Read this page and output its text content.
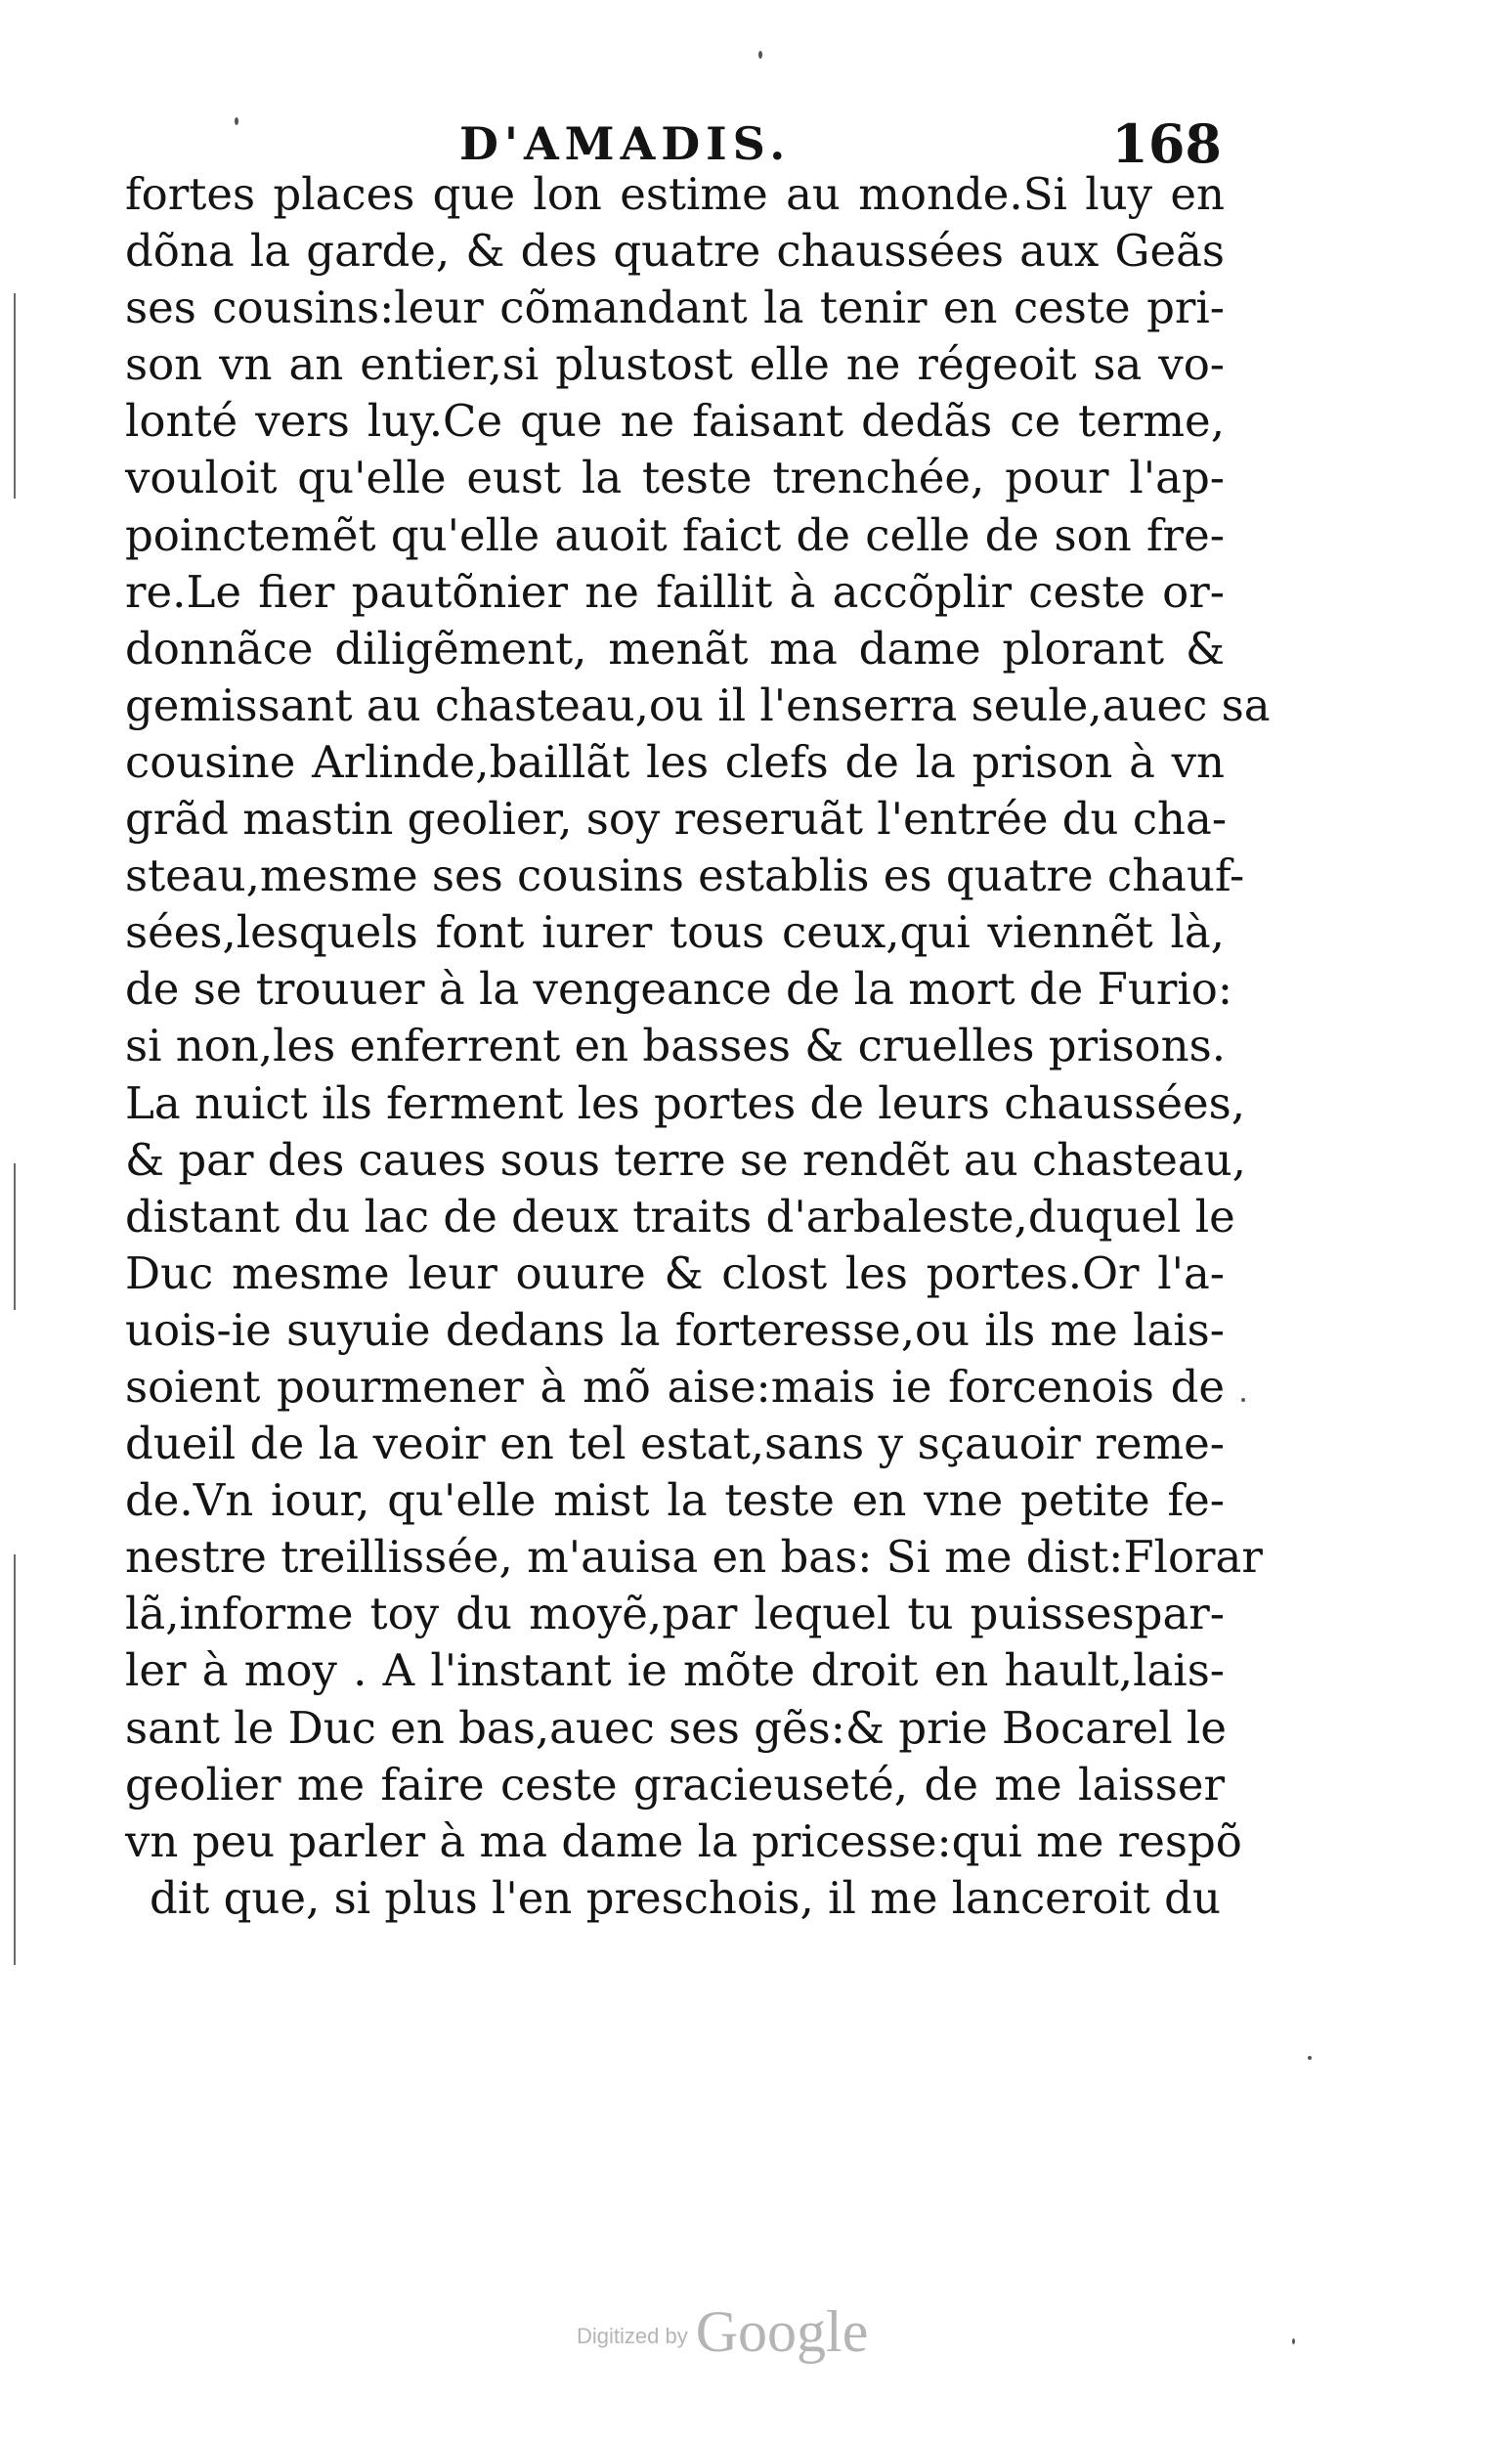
D'AMADIS.	168
fortes places que lon estime au monde.Si luy en
dõna la garde, & des quatre chaussées aux Geãs
ses cousins:leur cõmandant la tenir en ceste pri-
son vn an entier,si plustost elle ne régeoit sa vo-
lonté vers luy.Ce que ne faisant dedãs ce terme,
vouloit qu'elle eust la teste trenchée, pour l'ap-
poinctemẽt qu'elle auoit faict de celle de son fre-
re.Le fier pautõnier ne faillit à accõplir ceste or-
donnãce diligẽment, menãt ma dame plorant &
gemissant au chasteau,ou il l'enserra seule,auec sa
cousine Arlinde,baillãt les clefs de la prison à vn
grãd mastin geolier, soy reseruãt l'entrée du cha-
steau,mesme ses cousins establis es quatre chauf-
sées,lesquels font iurer tous ceux,qui viennẽt là,
de se trouuer à la vengeance de la mort de Furio:
si non,les enferrent en basses & cruelles prisons.
La nuict ils ferment les portes de leurs chaussées,
& par des caues sous terre se rendẽt au chasteau,
distant du lac de deux traits d'arbaleste,duquel le
Duc mesme leur ouure & clost les portes.Or l'a-
uois-ie suyuie dedans la forteresse,ou ils me lais-
soient pourmener à mõ aise:mais ie forcenois de
dueil de la veoir en tel estat,sans y sçauoir reme-
de.Vn iour, qu'elle mist la teste en vne petite fe-
nestre treillissée, m'auisa en bas: Si me dist:Florar
lã,informe toy du moyẽ,par lequel tu puissespar-
ler à moy . A l'instant ie mõte droit en hault,lais-
sant le Duc en bas,auec ses gẽs:& prie Bocarel le
geolier me faire ceste gracieuseté, de me laisser
vn peu parler à ma dame la pricesse:qui me respõ
dit que, si plus l'en preschois, il me lanceroit du
Digitized by Google
